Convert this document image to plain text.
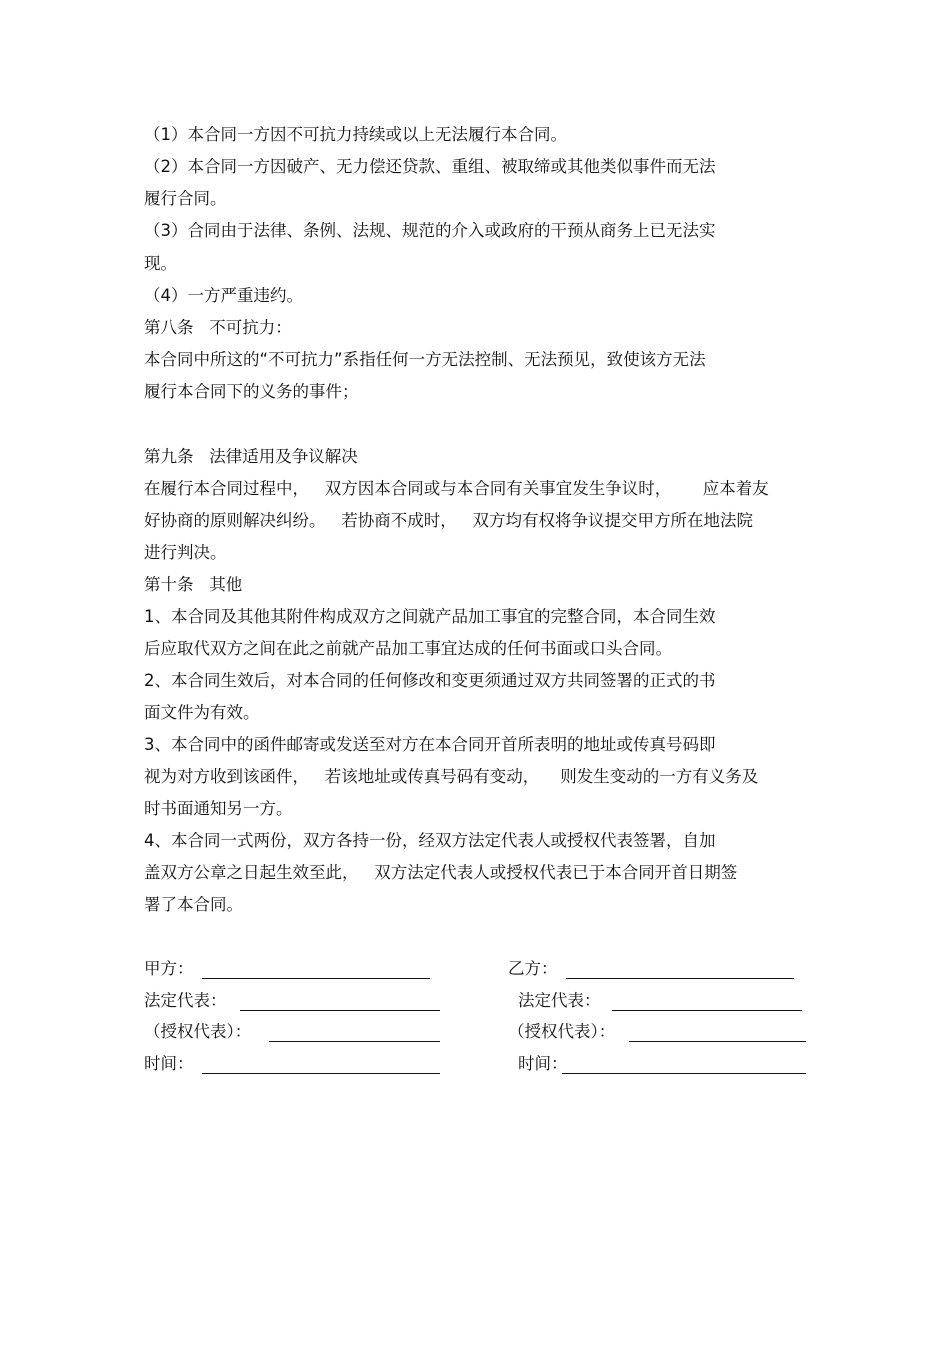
（1）本合同一方因不可抗力持续或以上无法履行本合同。
（2）本合同一方因破产、无力偿还贷款、重组、被取缔或其他类似事件而无法
履行合同。
（3）合同由于法律、条例、法规、规范的介入或政府的干预从商务上已无法实
现。
（4）一方严重违约。
第八条   不可抗力：
本合同中所这的“不可抗力”系指任何一方无法控制、无法预见，致使该方无法
履行本合同下的义务的事件；
第九条   法律适用及争议解决
在履行本合同过程中，   双方因本合同或与本合同有关事宜发生争议时，      应本着友
好协商的原则解决纠纷。   若协商不成时，   双方均有权将争议提交甲方所在地法院
进行判决。
第十条   其他
1、本合同及其他其附件构成双方之间就产品加工事宜的完整合同，本合同生效
后应取代双方之间在此之前就产品加工事宜达成的任何书面或口头合同。
2、本合同生效后，对本合同的任何修改和变更须通过双方共同签署的正式的书
面文件为有效。
3、本合同中的函件邮寄或发送至对方在本合同开首所表明的地址或传真号码即
视为对方收到该函件，   若该地址或传真号码有变动，    则发生变动的一方有义务及
时书面通知另一方。
4、本合同一式两份，双方各持一份，经双方法定代表人或授权代表签署，自加
盖双方公章之日起生效至此，   双方法定代表人或授权代表已于本合同开首日期签
署了本合同。
甲方：
法定代表：
（授权代表）：
时间：
乙方：
法定代表：
（授权代表）：
时间：
